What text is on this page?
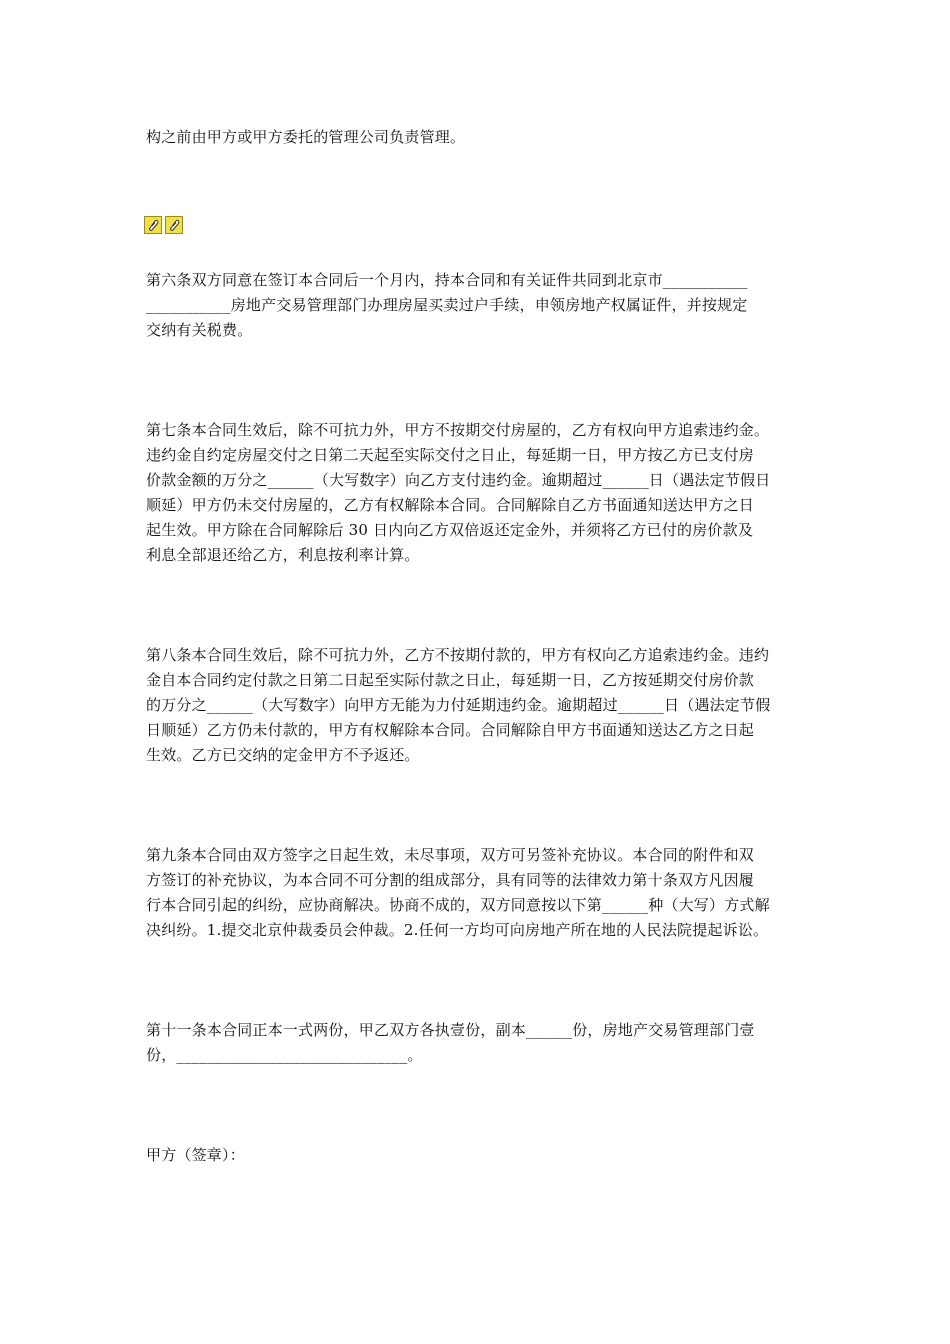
构之前由甲方或甲方委托的管理公司负责管理。
第六条双方同意在签订本合同后一个月内，持本合同和有关证件共同到北京市___________
___________房地产交易管理部门办理房屋买卖过户手续，申领房地产权属证件，并按规定
交纳有关税费。
第七条本合同生效后，除不可抗力外，甲方不按期交付房屋的，乙方有权向甲方追索违约金。
违约金自约定房屋交付之日第二天起至实际交付之日止，每延期一日，甲方按乙方已支付房
价款金额的万分之______（大写数字）向乙方支付违约金。逾期超过______日（遇法定节假日
顺延）甲方仍未交付房屋的，乙方有权解除本合同。合同解除自乙方书面通知送达甲方之日
起生效。甲方除在合同解除后 30 日内向乙方双倍返还定金外，并须将乙方已付的房价款及
利息全部退还给乙方，利息按利率计算。
第八条本合同生效后，除不可抗力外，乙方不按期付款的，甲方有权向乙方追索违约金。违约
金自本合同约定付款之日第二日起至实际付款之日止，每延期一日，乙方按延期交付房价款
的万分之______（大写数字）向甲方无能为力付延期违约金。逾期超过______日（遇法定节假
日顺延）乙方仍未付款的，甲方有权解除本合同。合同解除自甲方书面通知送达乙方之日起
生效。乙方已交纳的定金甲方不予返还。
第九条本合同由双方签字之日起生效，未尽事项，双方可另签补充协议。本合同的附件和双
方签订的补充协议，为本合同不可分割的组成部分，具有同等的法律效力第十条双方凡因履
行本合同引起的纠纷，应协商解决。协商不成的，双方同意按以下第______种（大写）方式解
决纠纷。1.提交北京仲裁委员会仲裁。2.任何一方均可向房地产所在地的人民法院提起诉讼。
第十一条本合同正本一式两份，甲乙双方各执壹份，副本______份，房地产交易管理部门壹
份，______________________________。
甲方（签章）：
